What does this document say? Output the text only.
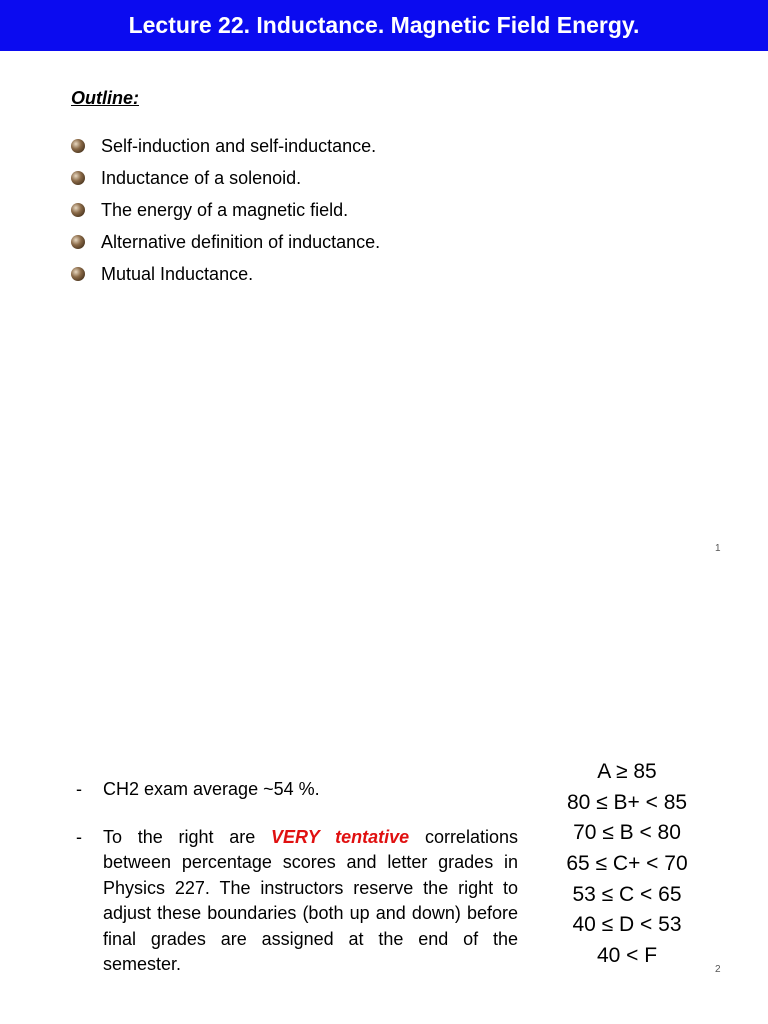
Lecture 22. Inductance. Magnetic Field Energy.
Outline:
Self-induction and self-inductance.
Inductance of a solenoid.
The energy of a magnetic field.
Alternative definition of inductance.
Mutual Inductance.
1
-	CH2 exam average ~54 %.
-	To the right are VERY tentative correlations between percentage scores and letter grades in Physics 227. The instructors reserve the right to adjust these boundaries (both up and down) before final grades are assigned at the end of the semester.
A ≥ 85
80 ≤ B+ < 85
70 ≤ B < 80
65 ≤ C+ < 70
53 ≤ C < 65
40 ≤ D < 53
40 < F
2
